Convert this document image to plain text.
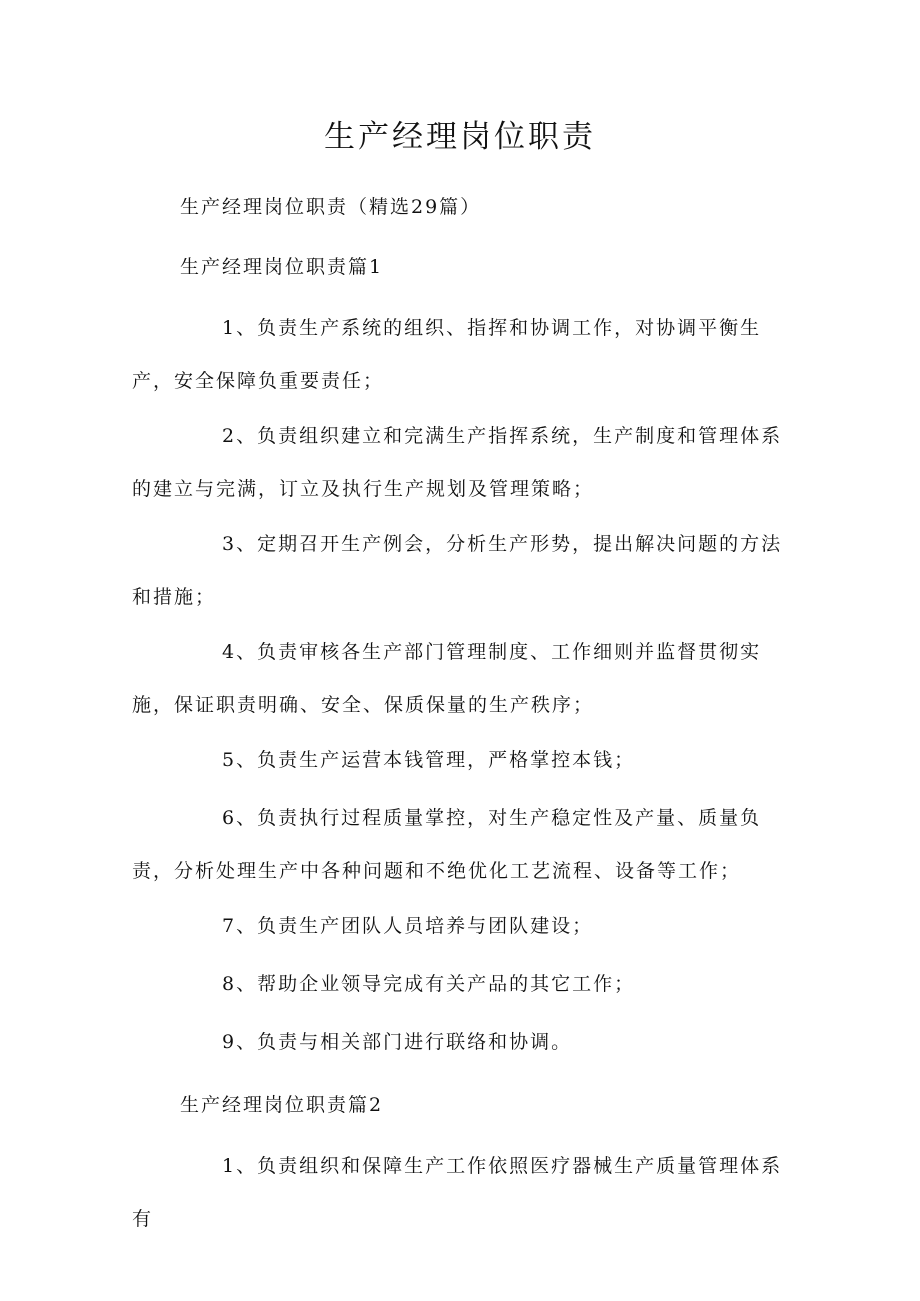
生产经理岗位职责

生产经理岗位职责（精选29篇）

生产经理岗位职责篇1

1、负责生产系统的组织、指挥和协调工作，对协调平衡生产，安全保障负重要责任；

2、负责组织建立和完满生产指挥系统，生产制度和管理体系的建立与完满，订立及执行生产规划及管理策略；

3、定期召开生产例会，分析生产形势，提出解决问题的方法和措施；

4、负责审核各生产部门管理制度、工作细则并监督贯彻实施，保证职责明确、安全、保质保量的生产秩序；

5、负责生产运营本钱管理，严格掌控本钱；

6、负责执行过程质量掌控，对生产稳定性及产量、质量负责，分析处理生产中各种问题和不绝优化工艺流程、设备等工作；

7、负责生产团队人员培养与团队建设；

8、帮助企业领导完成有关产品的其它工作；

9、负责与相关部门进行联络和协调。

生产经理岗位职责篇2

1、负责组织和保障生产工作依照医疗器械生产质量管理体系有
